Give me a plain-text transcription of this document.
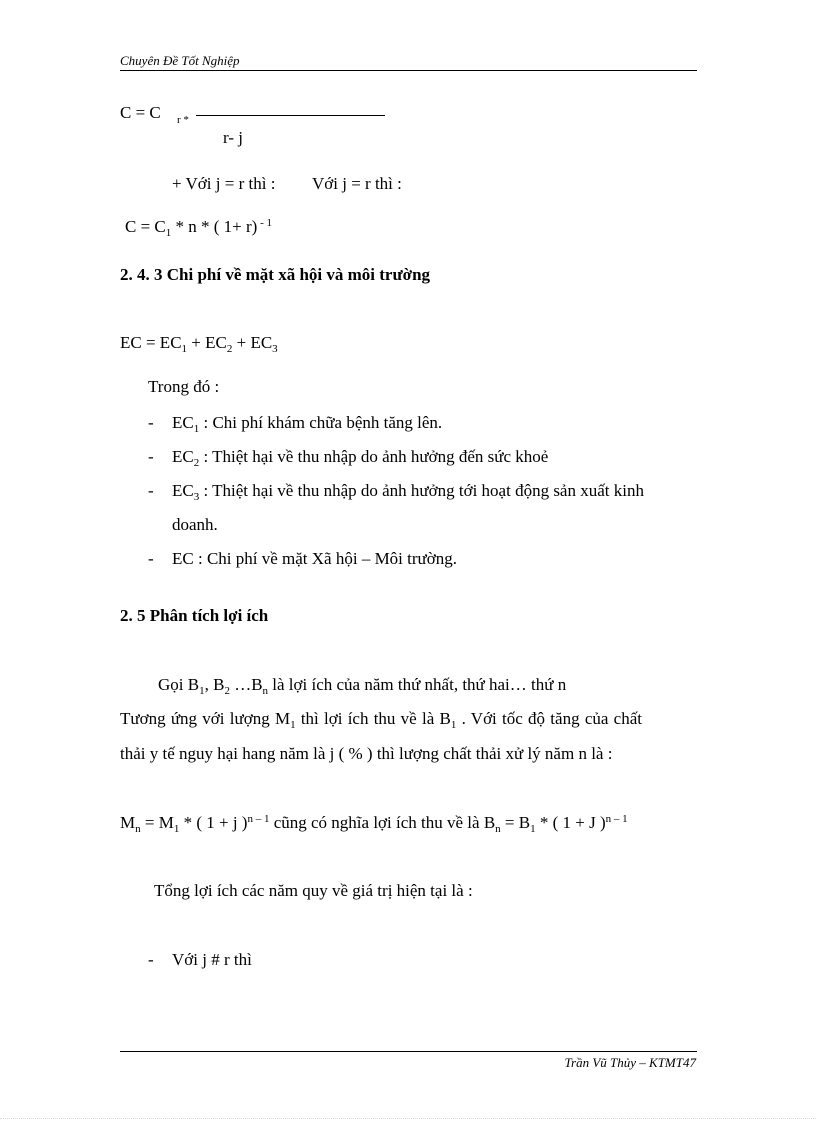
Chuyên Đề Tốt Nghiệp
C = C $_{r *}$
r- j
+ Với j = r thì : Với j = r thì :
$C = C_1 * n$ * ( 1+ r) $^{- 1}$
2. 4. 3 Chi phí về mặt xã hội và môi trường
EC = $EC_1 + EC_2 + EC_3$
Trong đó :
- $EC_1$ : Chi phí khám chữa bệnh tăng lên.
- $EC_2$ : Thiệt hại về thu nhập do ảnh hưởng đến sức khoẻ
- $EC_3$ : Thiệt hại về thu nhập do ảnh hưởng tới hoạt động sản xuất kinh
doanh.
- EC : Chi phí về mặt Xã hội – Môi trường.
2. 5 Phân tích lợi ích
Gọi $B_1$, $B_2$ $\dots B_n$ là lợi ích của năm thứ nhất, thứ hai… thứ n
Tương ứng với lượng $M_1$ thì lợi ích thu về là $B_1$ . Với tốc độ tăng của chất
thải y tế nguy hại hang năm là j ( % ) thì lượng chất thải xử lý năm n là :
$M_n = M_1$ * ( 1 + j )$^{n - 1}$ cũng có nghĩa lợi ích thu về là $B_n = B_1$ * ( 1 + J )$^{n - 1}$
Tổng lợi ích các năm quy về giá trị hiện tại là :
- Với j # r thì
Trần Vũ Thủy – KTMT47
